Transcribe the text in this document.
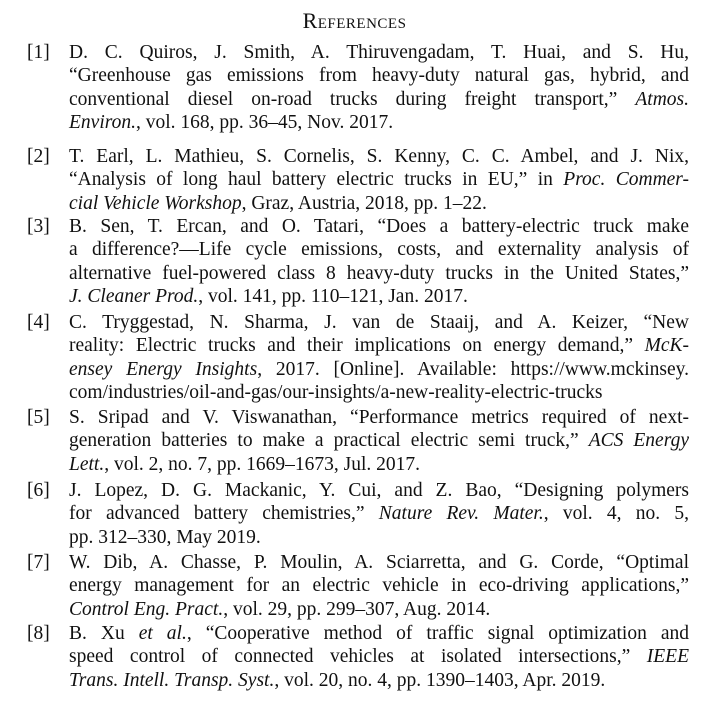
References
[1] D. C. Quiros, J. Smith, A. Thiruvengadam, T. Huai, and S. Hu,
“Greenhouse gas emissions from heavy-duty natural gas, hybrid, and
conventional diesel on-road trucks during freight transport,” Atmos.
Environ., vol. 168, pp. 36–45, Nov. 2017.
[2] T. Earl, L. Mathieu, S. Cornelis, S. Kenny, C. C. Ambel, and J. Nix,
“Analysis of long haul battery electric trucks in EU,” in Proc. Commer-
cial Vehicle Workshop, Graz, Austria, 2018, pp. 1–22.
[3] B. Sen, T. Ercan, and O. Tatari, “Does a battery-electric truck make
a difference?—Life cycle emissions, costs, and externality analysis of
alternative fuel-powered class 8 heavy-duty trucks in the United States,”
J. Cleaner Prod., vol. 141, pp. 110–121, Jan. 2017.
[4] C. Tryggestad, N. Sharma, J. van de Staaij, and A. Keizer, “New
reality: Electric trucks and their implications on energy demand,” McK-
ensey Energy Insights, 2017. [Online]. Available: https://www.mckinsey.
com/industries/oil-and-gas/our-insights/a-new-reality-electric-trucks
[5] S. Sripad and V. Viswanathan, “Performance metrics required of next-
generation batteries to make a practical electric semi truck,” ACS Energy
Lett., vol. 2, no. 7, pp. 1669–1673, Jul. 2017.
[6] J. Lopez, D. G. Mackanic, Y. Cui, and Z. Bao, “Designing polymers
for advanced battery chemistries,” Nature Rev. Mater., vol. 4, no. 5,
pp. 312–330, May 2019.
[7] W. Dib, A. Chasse, P. Moulin, A. Sciarretta, and G. Corde, “Optimal
energy management for an electric vehicle in eco-driving applications,”
Control Eng. Pract., vol. 29, pp. 299–307, Aug. 2014.
[8] B. Xu et al., “Cooperative method of traffic signal optimization and
speed control of connected vehicles at isolated intersections,” IEEE
Trans. Intell. Transp. Syst., vol. 20, no. 4, pp. 1390–1403, Apr. 2019.
